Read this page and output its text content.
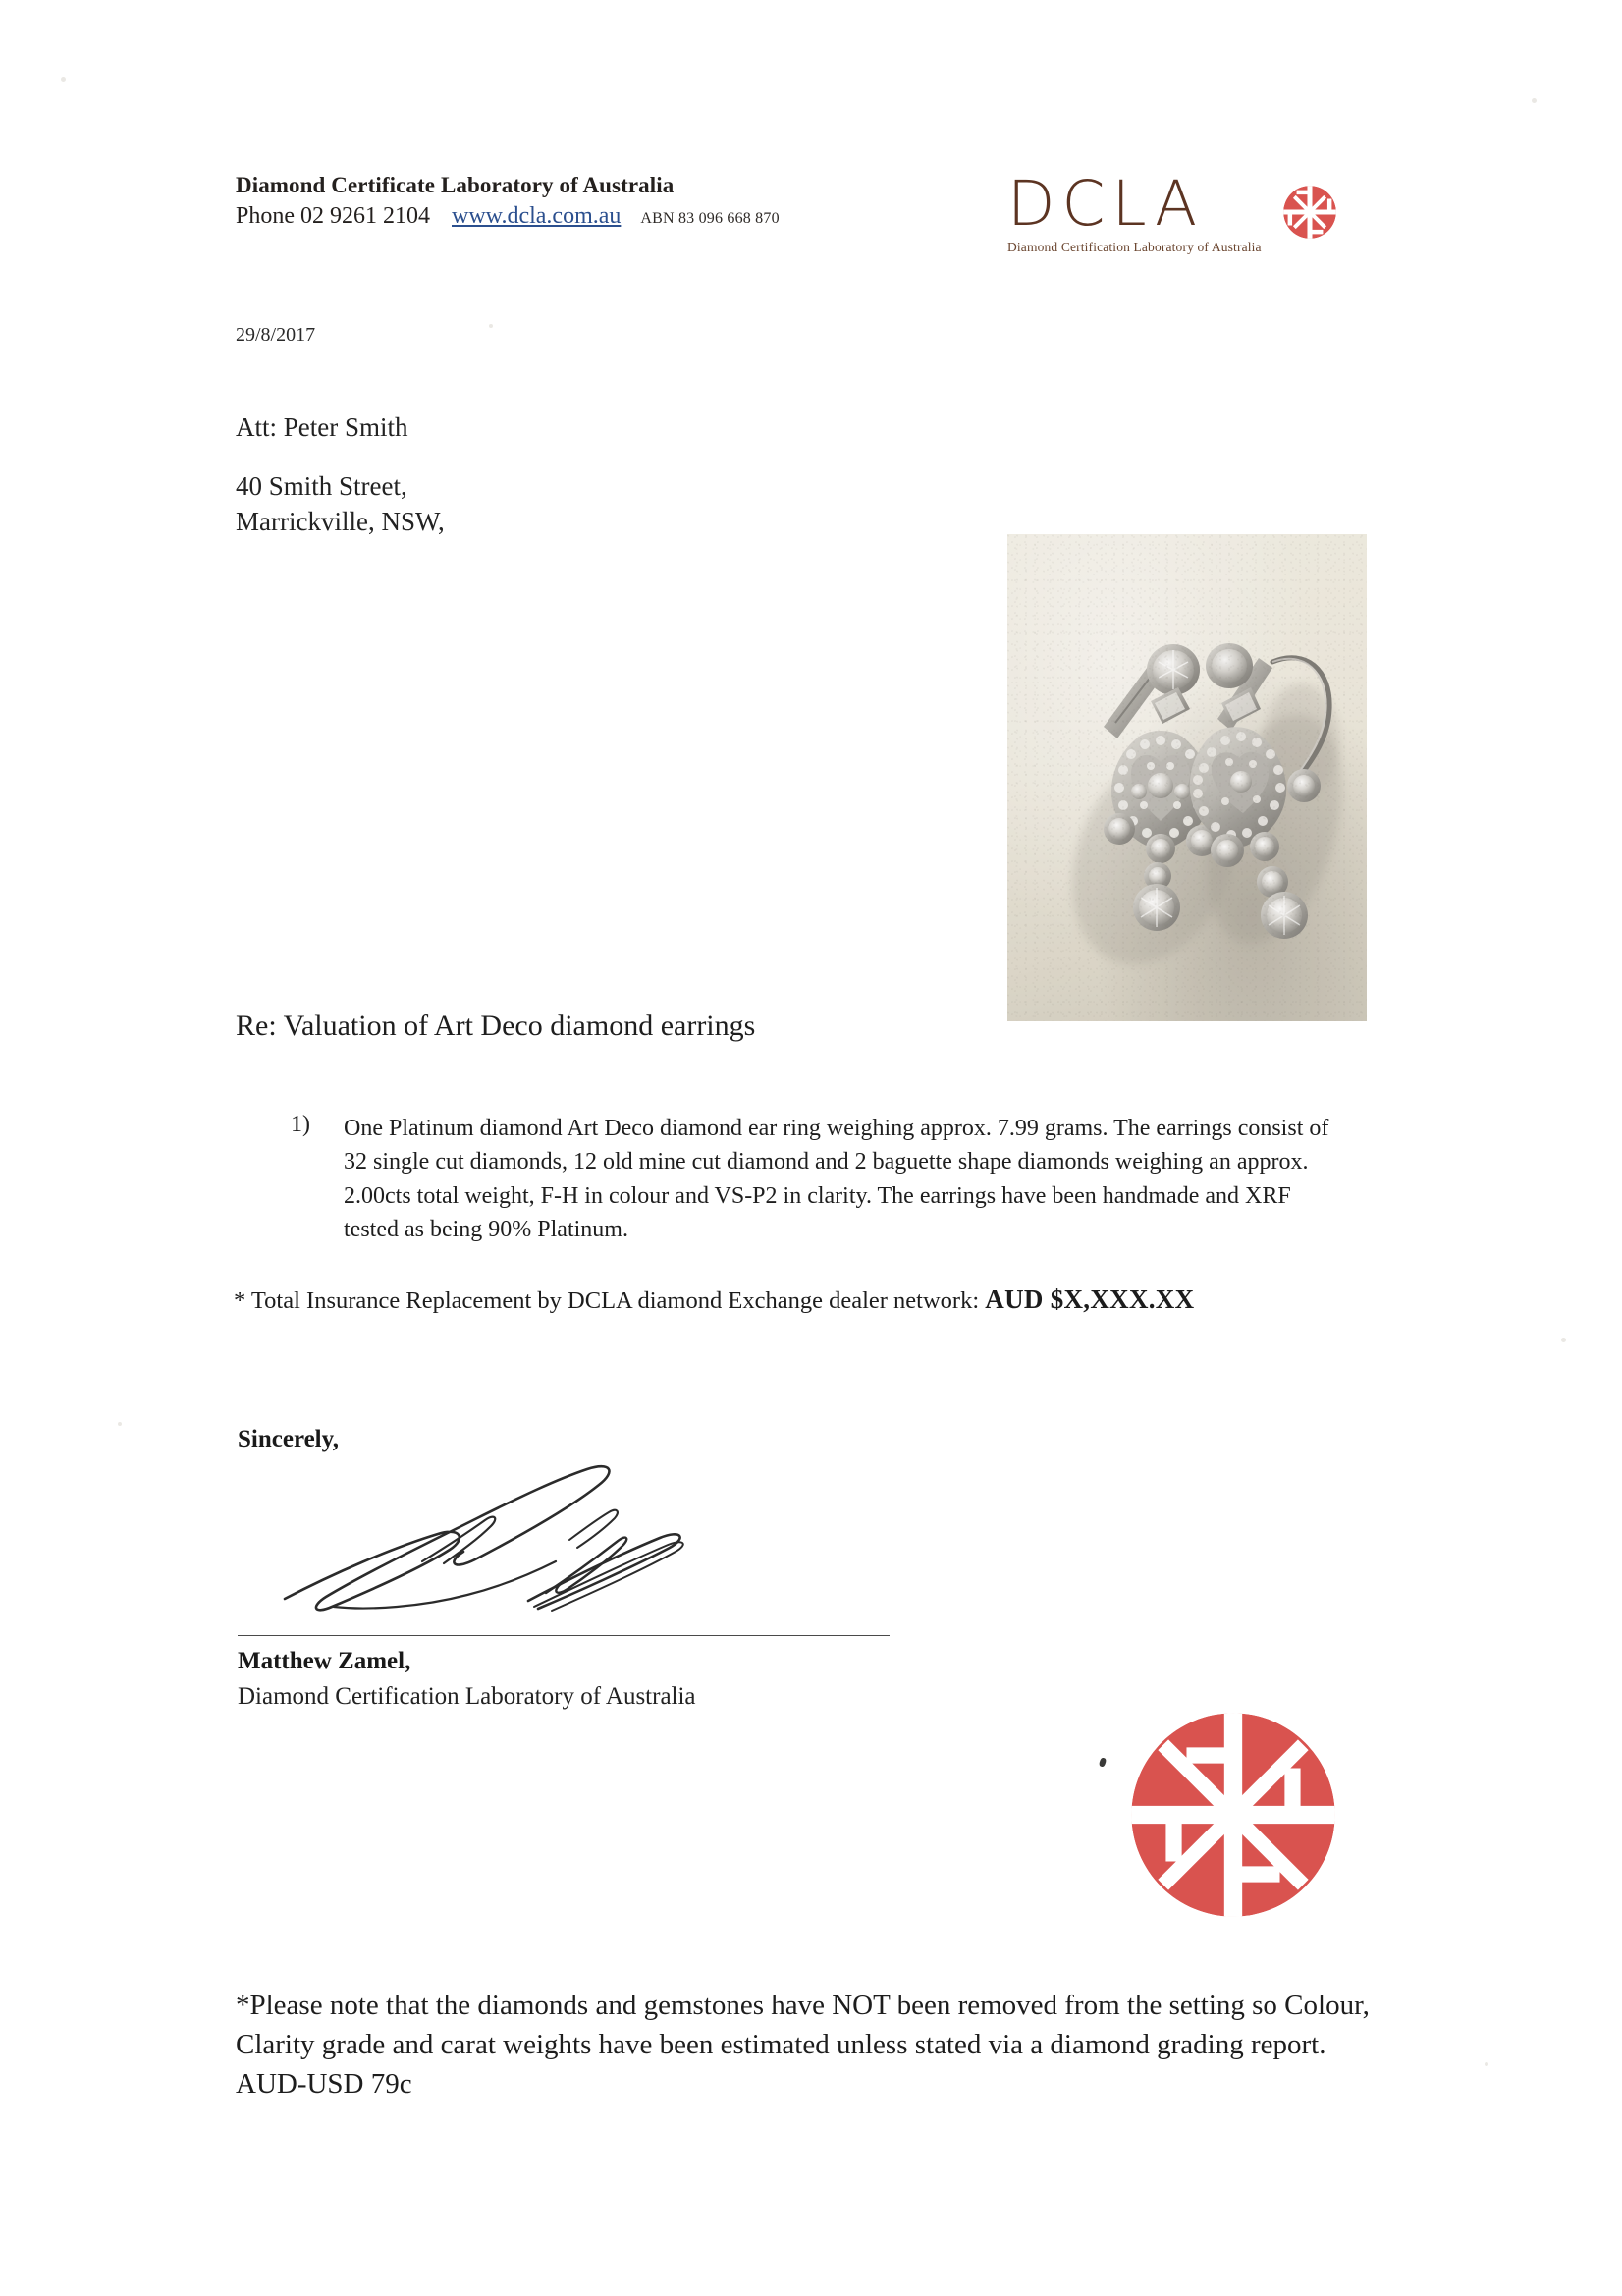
Diamond Certificate Laboratory of Australia
Phone 02 9261 2104 www.dcla.com.au ABN 83 096 668 870	DCLA
Diamond Certification Laboratory of Australia
29/8/2017
Att: Peter Smith
40 Smith Street,
Marrickville, NSW,
Re: Valuation of Art Deco diamond earrings
1)	One Platinum diamond Art Deco diamond ear ring weighing approx. 7.99 grams. The earrings consist of 32 single cut diamonds, 12 old mine cut diamond and 2 baguette shape diamonds weighing an approx. 2.00cts total weight, F-H in colour and VS-P2 in clarity. The earrings have been handmade and XRF tested as being 90% Platinum.
* Total Insurance Replacement by DCLA diamond Exchange dealer network: AUD $X,XXX.XX
Sincerely,
Matthew Zamel,
Diamond Certification Laboratory of Australia
*Please note that the diamonds and gemstones have NOT been removed from the setting so Colour, Clarity grade and carat weights have been estimated unless stated via a diamond grading report. AUD-USD 79c
